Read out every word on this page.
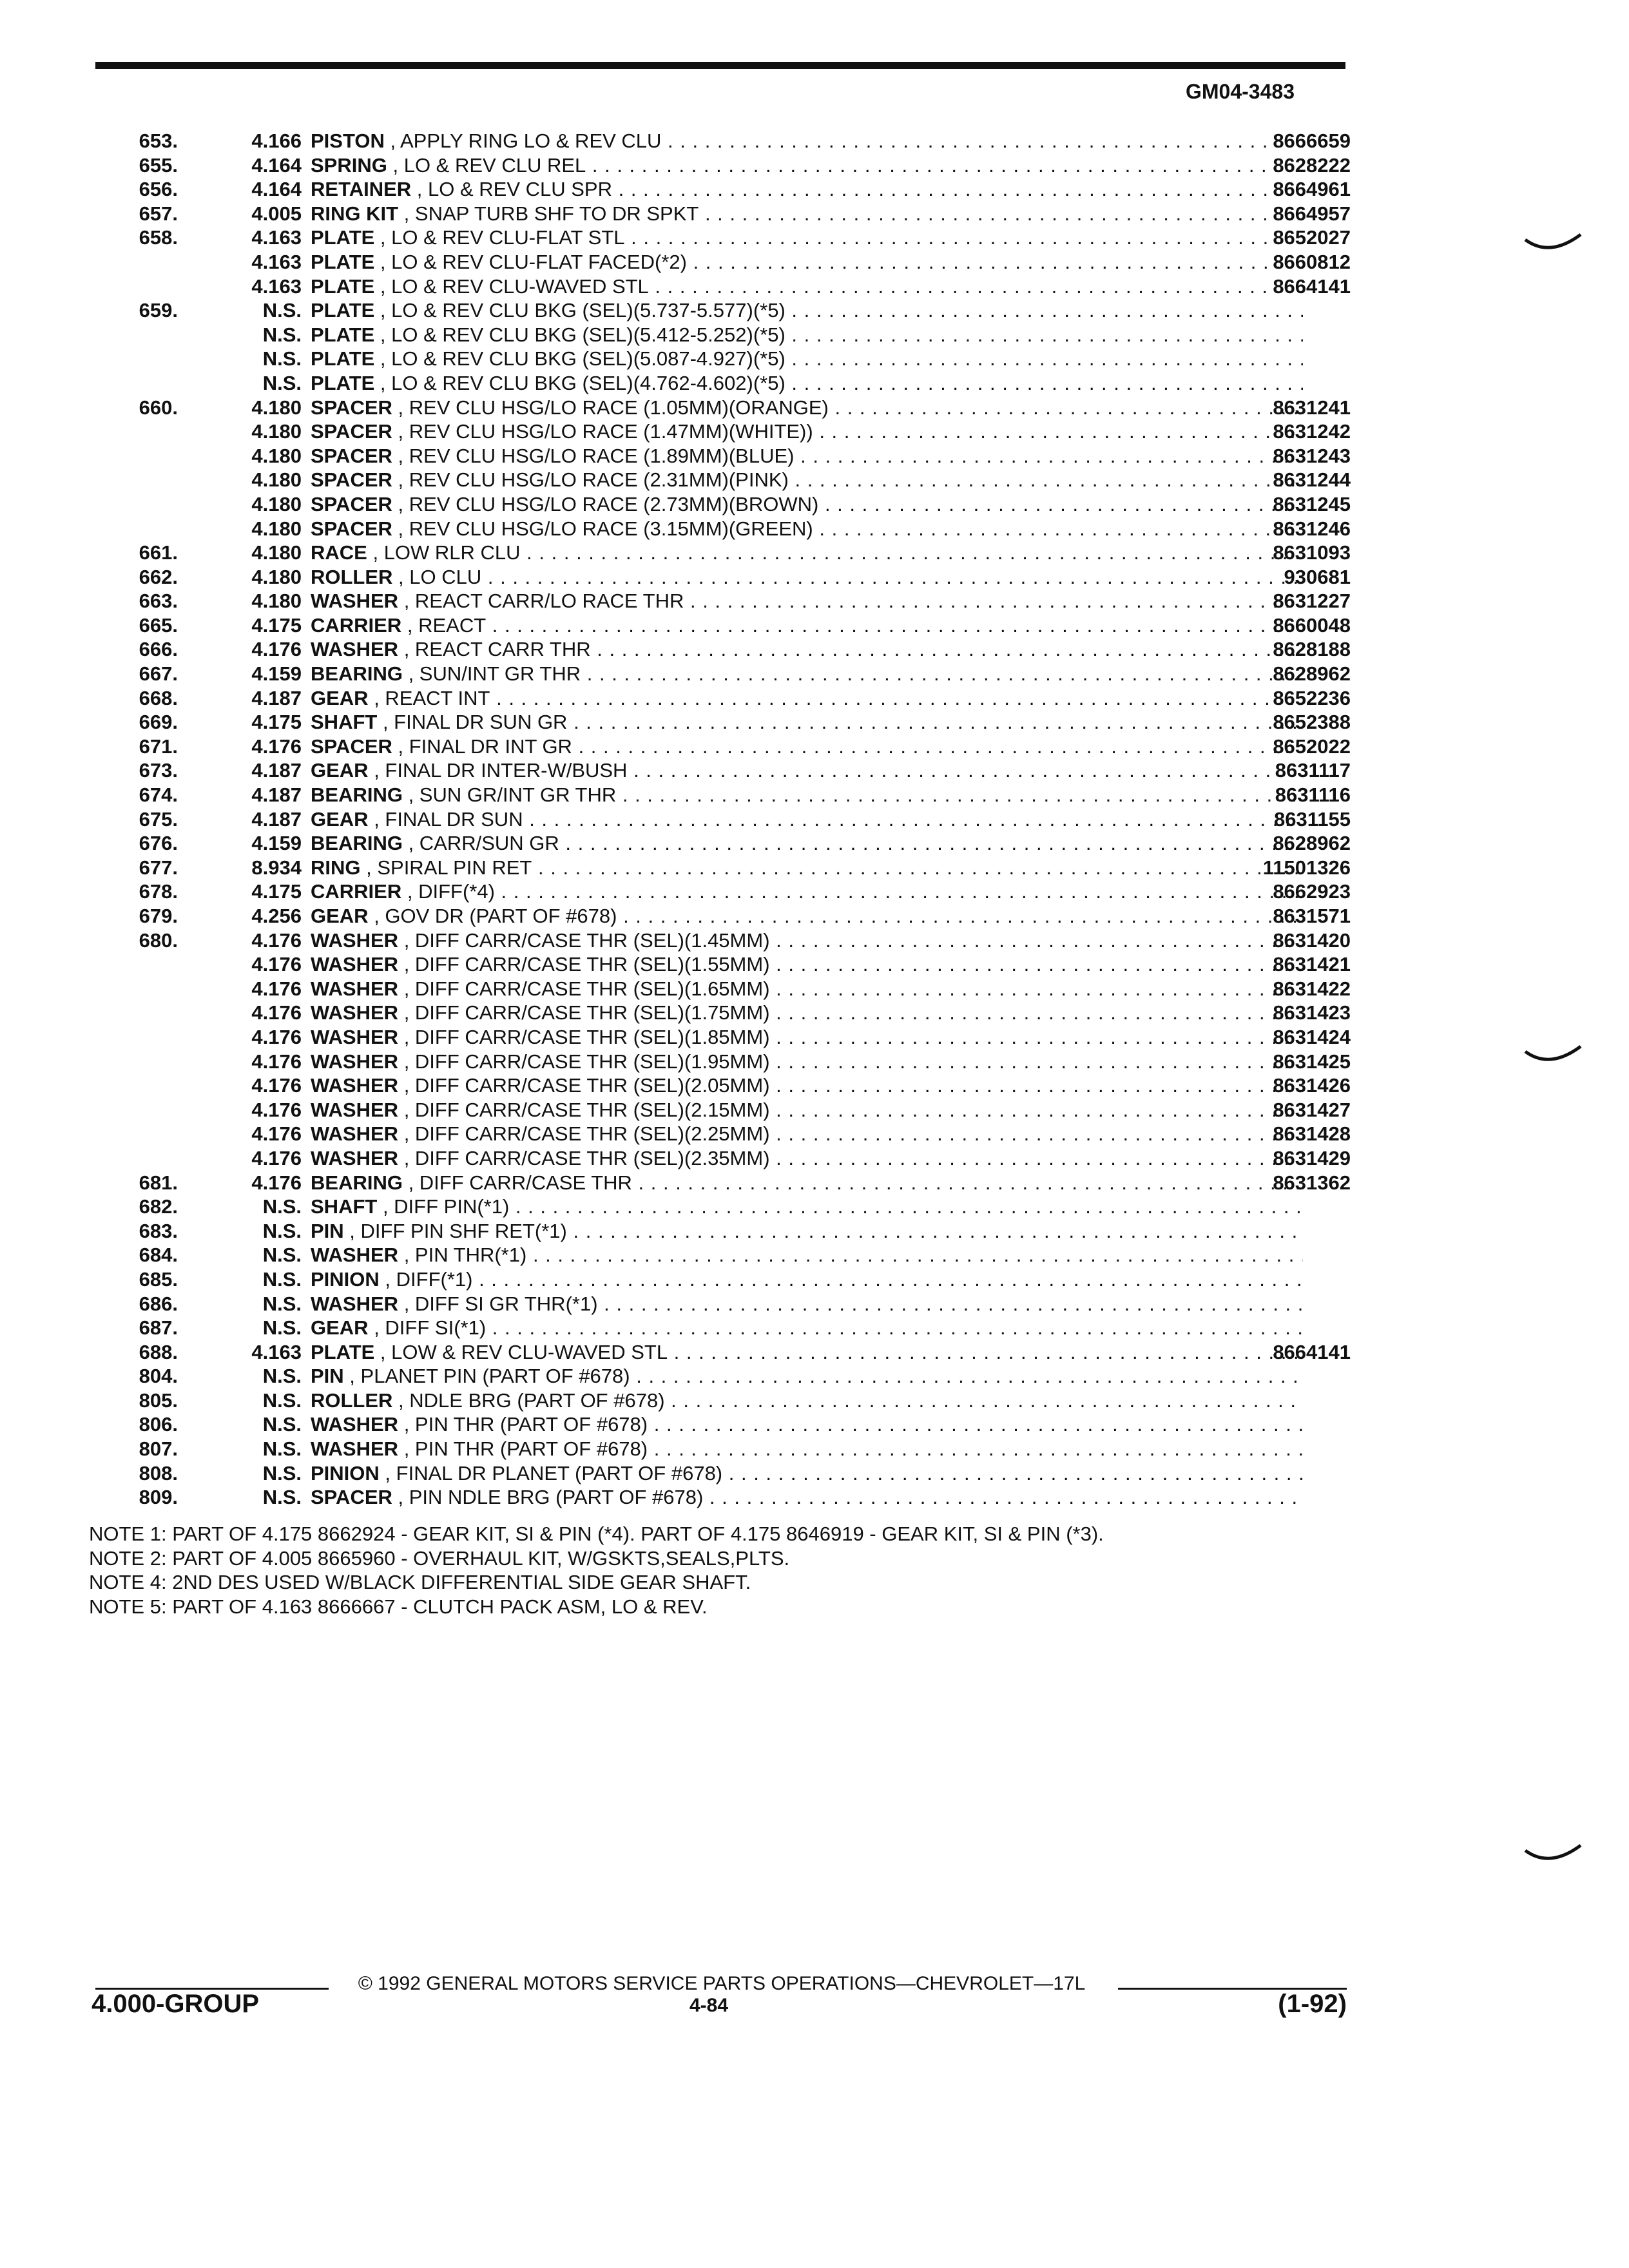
GM04-3483
653.	4.166 PISTON , APPLY RING LO & REV CLU . . .	8666659
655.	4.164 SPRING , LO & REV CLU REL . . .	8628222
656.	4.164 RETAINER , LO & REV CLU SPR . . .	8664961
657.	4.005 RING KIT , SNAP TURB SHF TO DR SPKT . . .	8664957
658.	4.163 PLATE , LO & REV CLU-FLAT STL . . .	8652027
4.163 PLATE , LO & REV CLU-FLAT FACED(*2) . . .	8660812
4.163 PLATE , LO & REV CLU-WAVED STL . . .	8664141
659.	N.S. PLATE , LO & REV CLU BKG (SEL)(5.737-5.577)(*5) . . .
N.S. PLATE , LO & REV CLU BKG (SEL)(5.412-5.252)(*5) . . .
N.S. PLATE , LO & REV CLU BKG (SEL)(5.087-4.927)(*5) . . .
N.S. PLATE , LO & REV CLU BKG (SEL)(4.762-4.602)(*5) . . .
660.	4.180 SPACER , REV CLU HSG/LO RACE (1.05MM)(ORANGE) . . .	8631241
4.180 SPACER , REV CLU HSG/LO RACE (1.47MM)(WHITE)) . . .	8631242
4.180 SPACER , REV CLU HSG/LO RACE (1.89MM)(BLUE) . . .	8631243
4.180 SPACER , REV CLU HSG/LO RACE (2.31MM)(PINK) . . .	8631244
4.180 SPACER , REV CLU HSG/LO RACE (2.73MM)(BROWN) . . .	8631245
4.180 SPACER , REV CLU HSG/LO RACE (3.15MM)(GREEN) . . .	8631246
661.	4.180 RACE , LOW RLR CLU . . .	8631093
662.	4.180 ROLLER , LO CLU . . .	930681
663.	4.180 WASHER , REACT CARR/LO RACE THR . . .	8631227
665.	4.175 CARRIER , REACT . . .	8660048
666.	4.176 WASHER , REACT CARR THR . . .	8628188
667.	4.159 BEARING , SUN/INT GR THR . . .	8628962
668.	4.187 GEAR , REACT INT . . .	8652236
669.	4.175 SHAFT , FINAL DR SUN GR . . .	8652388
671.	4.176 SPACER , FINAL DR INT GR . . .	8652022
673.	4.187 GEAR , FINAL DR INTER-W/BUSH . . .	8631117
674.	4.187 BEARING , SUN GR/INT GR THR . . .	8631116
675.	4.187 GEAR , FINAL DR SUN . . .	8631155
676.	4.159 BEARING , CARR/SUN GR . . .	8628962
677.	8.934 RING , SPIRAL PIN RET . . .	11501326
678.	4.175 CARRIER , DIFF(*4) . . .	8662923
679.	4.256 GEAR , GOV DR (PART OF #678) . . .	8631571
680.	4.176 WASHER , DIFF CARR/CASE THR (SEL)(1.45MM) . . .	8631420
4.176 WASHER , DIFF CARR/CASE THR (SEL)(1.55MM) . . .	8631421
4.176 WASHER , DIFF CARR/CASE THR (SEL)(1.65MM) . . .	8631422
4.176 WASHER , DIFF CARR/CASE THR (SEL)(1.75MM) . . .	8631423
4.176 WASHER , DIFF CARR/CASE THR (SEL)(1.85MM) . . .	8631424
4.176 WASHER , DIFF CARR/CASE THR (SEL)(1.95MM) . . .	8631425
4.176 WASHER , DIFF CARR/CASE THR (SEL)(2.05MM) . . .	8631426
4.176 WASHER , DIFF CARR/CASE THR (SEL)(2.15MM) . . .	8631427
4.176 WASHER , DIFF CARR/CASE THR (SEL)(2.25MM) . . .	8631428
4.176 WASHER , DIFF CARR/CASE THR (SEL)(2.35MM) . . .	8631429
681.	4.176 BEARING , DIFF CARR/CASE THR . . .	8631362
682.	N.S. SHAFT , DIFF PIN(*1) . . .
683.	N.S. PIN , DIFF PIN SHF RET(*1) . . .
684.	N.S. WASHER , PIN THR(*1) . . .
685.	N.S. PINION , DIFF(*1) . . .
686.	N.S. WASHER , DIFF SI GR THR(*1) . . .
687.	N.S. GEAR , DIFF SI(*1) . . .
688.	4.163 PLATE , LOW & REV CLU-WAVED STL . . .	8664141
804.	N.S. PIN , PLANET PIN (PART OF #678) . . .
805.	N.S. ROLLER , NDLE BRG (PART OF #678) . . .
806.	N.S. WASHER , PIN THR (PART OF #678) . . .
807.	N.S. WASHER , PIN THR (PART OF #678) . . .
808.	N.S. PINION , FINAL DR PLANET (PART OF #678) . . .
809.	N.S. SPACER , PIN NDLE BRG (PART OF #678) . . .
NOTE 1: PART OF 4.175 8662924 - GEAR KIT, SI & PIN (*4). PART OF 4.175 8646919 - GEAR KIT, SI & PIN (*3).
NOTE 2: PART OF 4.005 8665960 - OVERHAUL KIT, W/GSKTS,SEALS,PLTS.
NOTE 4: 2ND DES USED W/BLACK DIFFERENTIAL SIDE GEAR SHAFT.
NOTE 5: PART OF 4.163 8666667 - CLUTCH PACK ASM, LO & REV.
© 1992 GENERAL MOTORS SERVICE PARTS OPERATIONS—CHEVROLET—17L
4.000-GROUP	4-84	(1-92)
